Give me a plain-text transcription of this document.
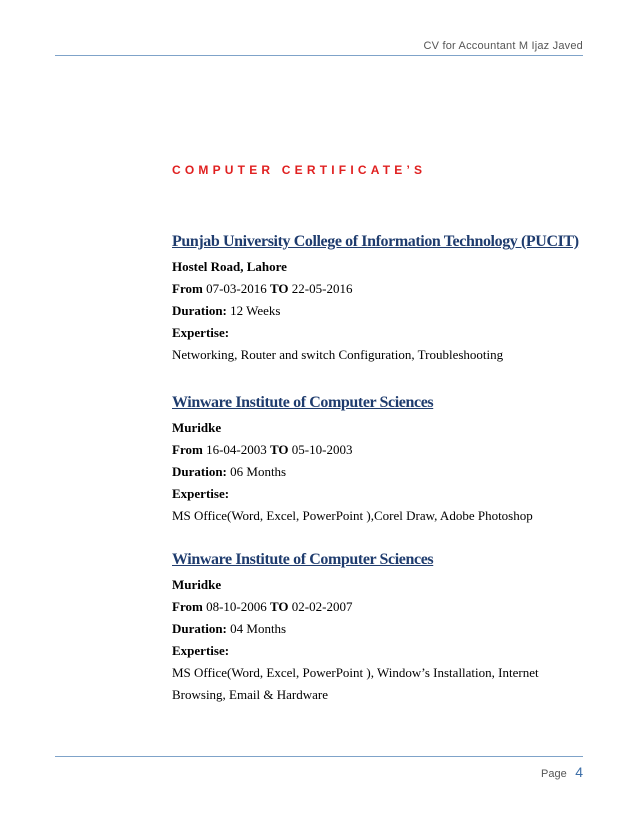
CV for Accountant M Ijaz Javed
COMPUTER CERTIFICATE’S
Punjab University College of Information Technology (PUCIT)
Hostel Road, Lahore
From 07-03-2016 TO 22-05-2016
Duration: 12 Weeks
Expertise:
Networking, Router and switch Configuration, Troubleshooting
Winware Institute of Computer Sciences
Muridke
From 16-04-2003 TO 05-10-2003
Duration: 06 Months
Expertise:
MS Office(Word, Excel, PowerPoint ),Corel Draw, Adobe Photoshop
Winware Institute of Computer Sciences
Muridke
From 08-10-2006 TO 02-02-2007
Duration: 04 Months
Expertise:
MS Office(Word, Excel, PowerPoint ), Window’s Installation, Internet
Browsing, Email & Hardware
Page 4
